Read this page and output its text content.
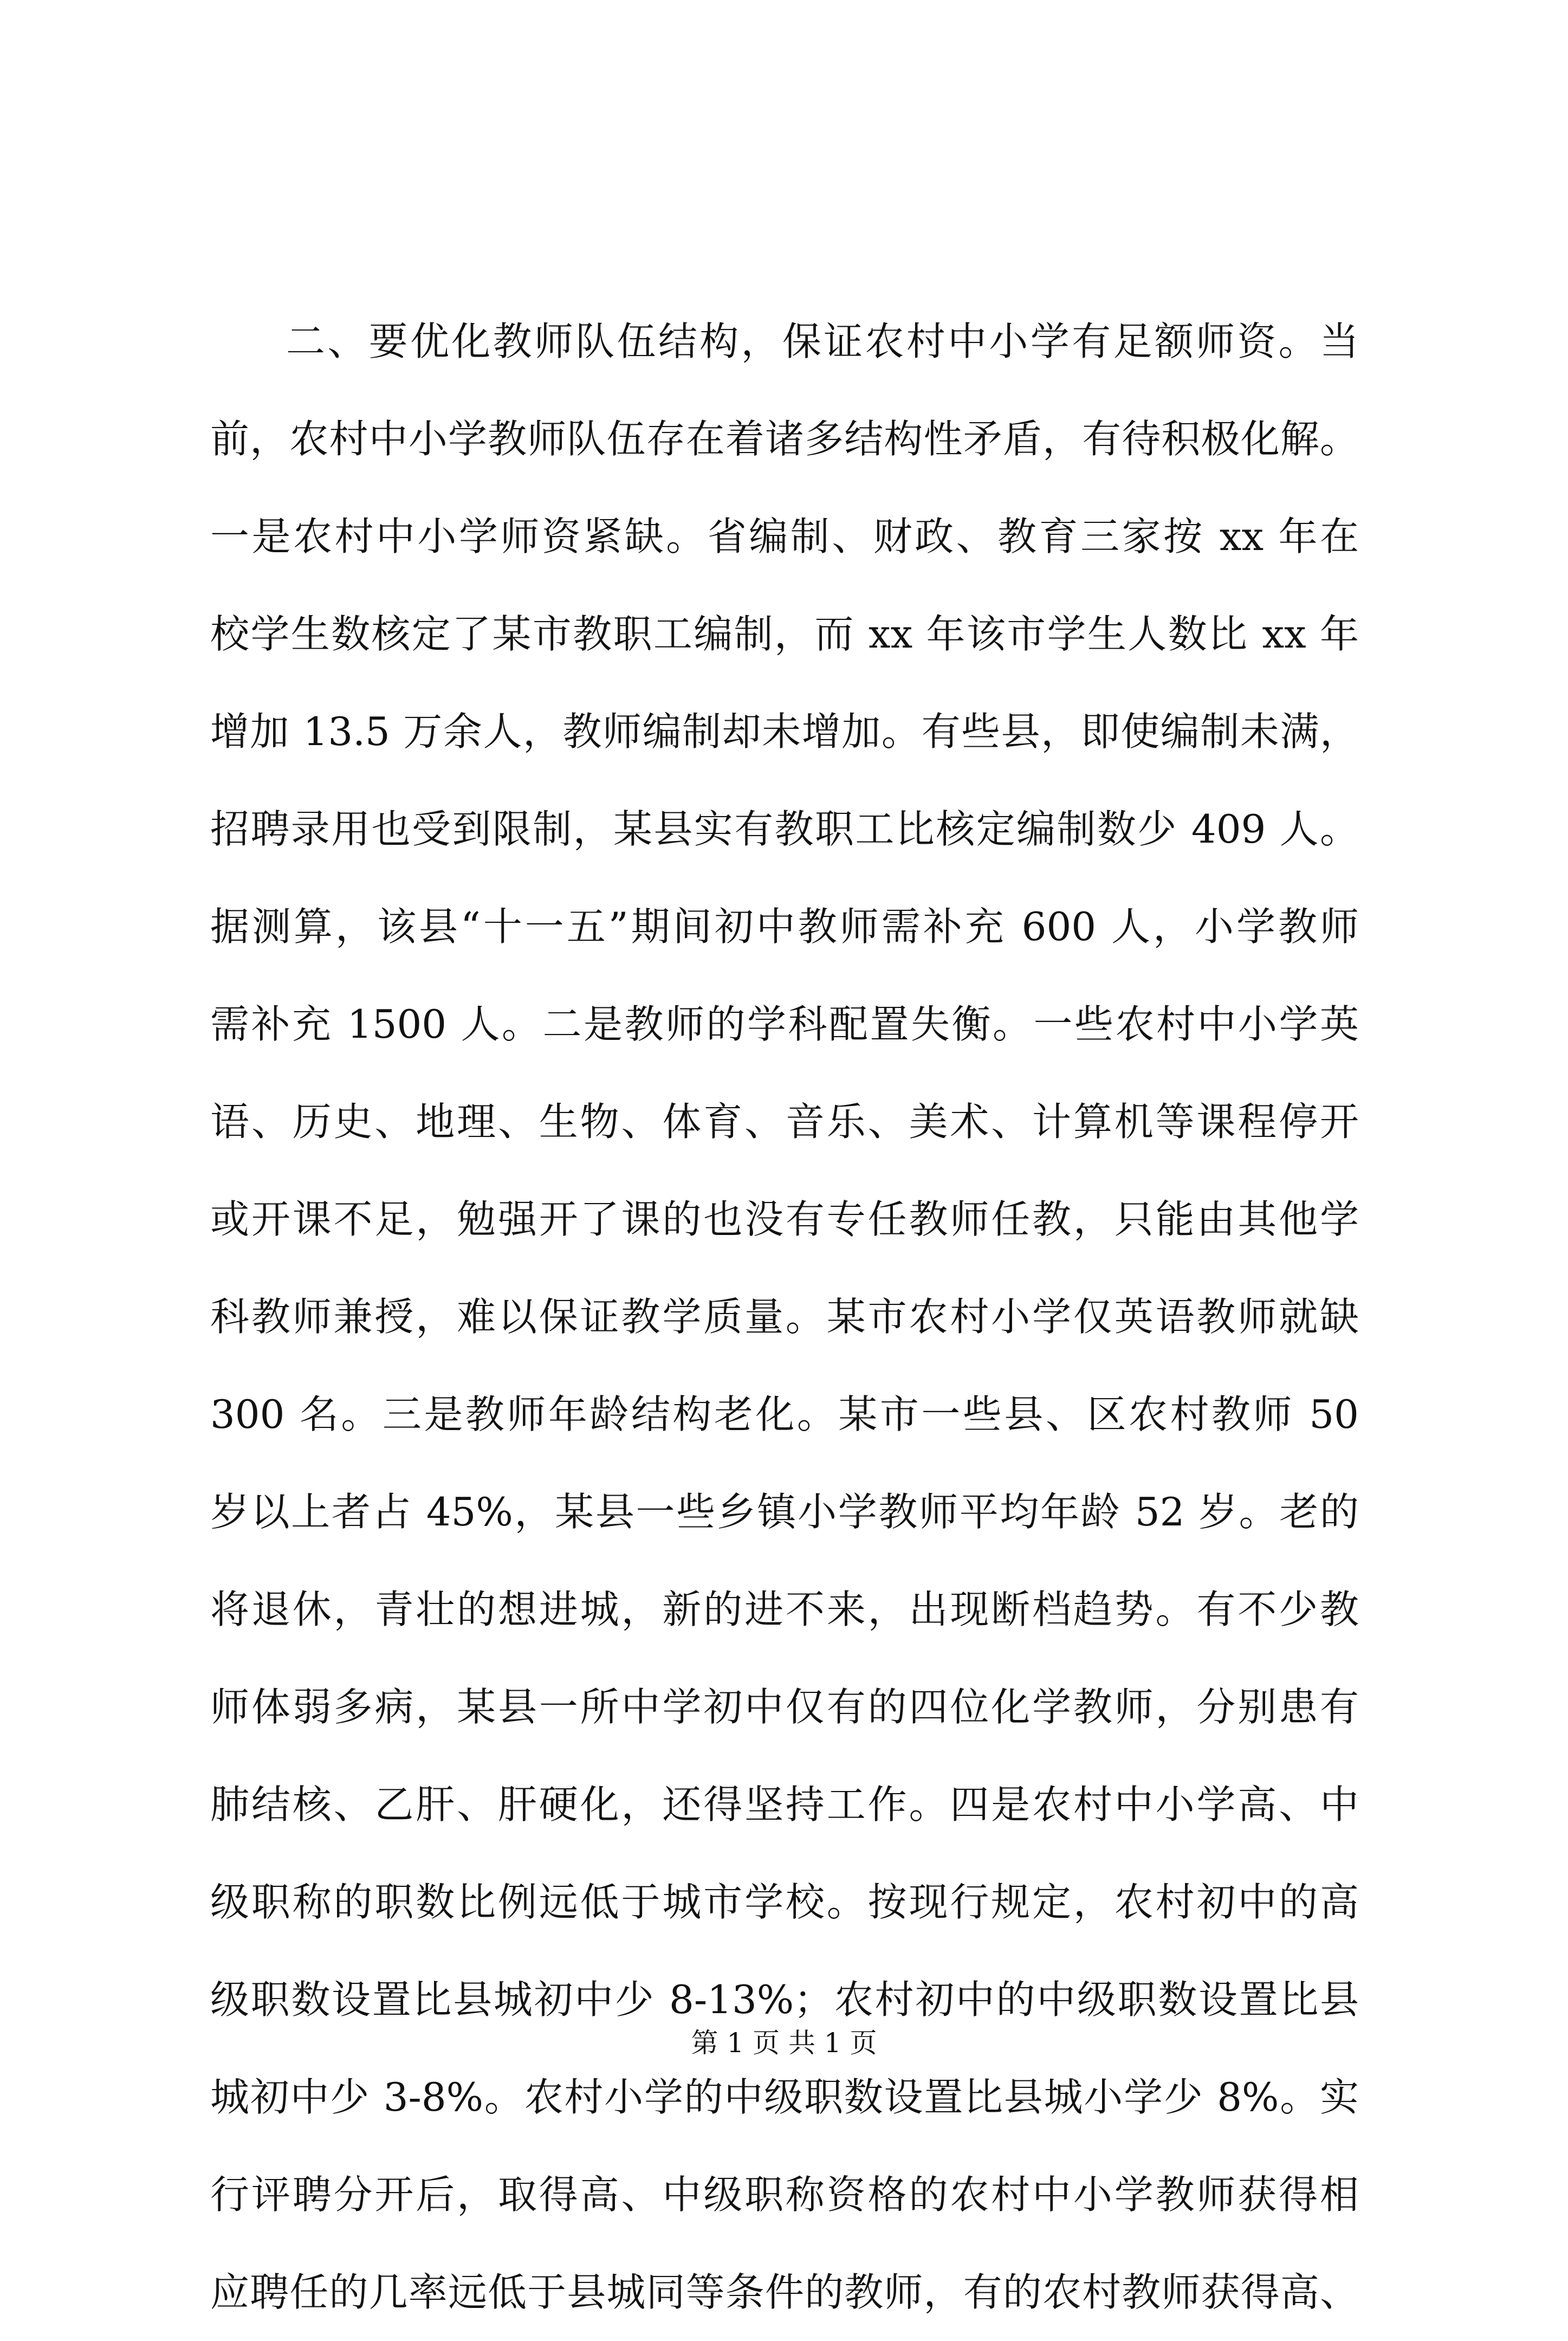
二、要优化教师队伍结构，保证农村中小学有足额师资。当
前，农村中小学教师队伍存在着诸多结构性矛盾，有待积极化解。
一是农村中小学师资紧缺。省编制、财政、教育三家按 xx 年在
校学生数核定了某市教职工编制，而 xx 年该市学生人数比 xx 年
增加 13.5 万余人，教师编制却未增加。有些县，即使编制未满，
招聘录用也受到限制，某县实有教职工比核定编制数少 409 人。
据测算，该县“十一五”期间初中教师需补充 600 人，小学教师
需补充 1500 人。二是教师的学科配置失衡。一些农村中小学英
语、历史、地理、生物、体育、音乐、美术、计算机等课程停开
或开课不足，勉强开了课的也没有专任教师任教，只能由其他学
科教师兼授，难以保证教学质量。某市农村小学仅英语教师就缺
300 名。三是教师年龄结构老化。某市一些县、区农村教师 50
岁以上者占 45%，某县一些乡镇小学教师平均年龄 52 岁。老的
将退休，青壮的想进城，新的进不来，出现断档趋势。有不少教
师体弱多病，某县一所中学初中仅有的四位化学教师，分别患有
肺结核、乙肝、肝硬化，还得坚持工作。四是农村中小学高、中
级职称的职数比例远低于城市学校。按现行规定，农村初中的高
级职数设置比县城初中少 8-13%；农村初中的中级职数设置比县
城初中少 3-8%。农村小学的中级职数设置比县城小学少 8%。实
行评聘分开后，取得高、中级职称资格的农村中小学教师获得相
应聘任的几率远低于县城同等条件的教师，有的农村教师获得高、
第 1 页 共 1 页
